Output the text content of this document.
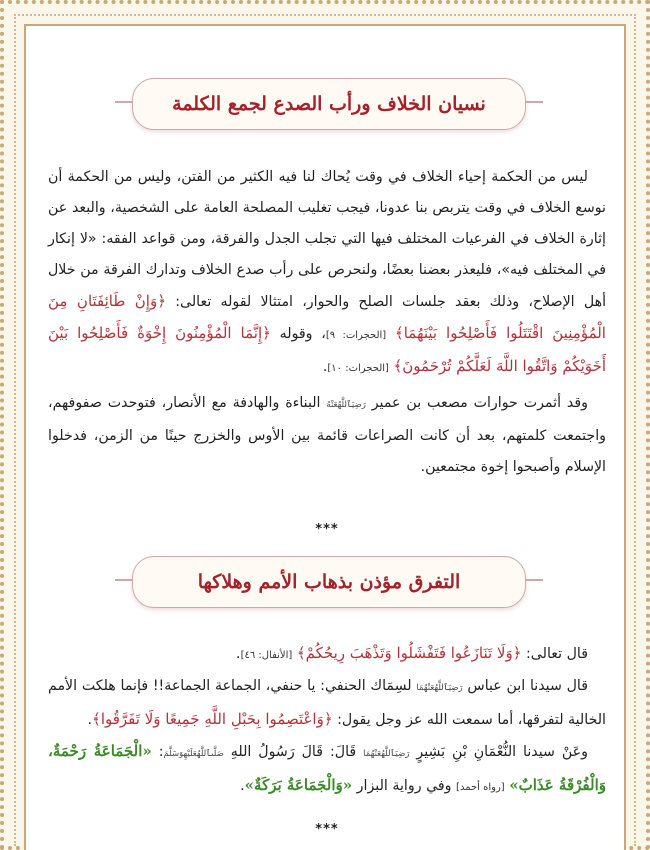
نسيان الخلاف ورأب الصدع لجمع الكلمة

ليس من الحكمة إحياء الخلاف في وقت يُحاك لنا فيه الكثير من الفتن، وليس من الحكمة أن نوسع الخلاف في وقت يتربص بنا عدونا، فيجب تغليب المصلحة العامة على الشخصية، والبعد عن إثارة الخلاف في الفرعيات المختلف فيها التي تجلب الجدل والفرقة، ومن قواعد الفقه: «لا إنكار في المختلف فيه»، فليعذر بعضنا بعضًا، ولنحرص على رأب صدع الخلاف وتدارك الفرقة من خلال أهل الإصلاح، وذلك بعقد جلسات الصلح والحوار، امتثالا لقوله تعالى: ﴿وَإِنْ طَائِفَتَانِ مِنَ الْمُؤْمِنِينَ اقْتَتَلُوا فَأَصْلِحُوا بَيْنَهُمَا﴾ [الحجرات: ٩]، وقوله ﴿إِنَّمَا الْمُؤْمِنُونَ إِخْوَةٌ فَأَصْلِحُوا بَيْنَ أَخَوَيْكُمْ وَاتَّقُوا اللَّهَ لَعَلَّكُمْ تُرْحَمُونَ﴾ [الحجرات: ١٠].

وقد أثمرت حوارات مصعب بن عمير رَضِيَٱللَّهُعَنْهُ البناءة والهادفة مع الأنصار، فتوحدت صفوفهم، واجتمعت كلمتهم، بعد أن كانت الصراعات قائمة بين الأوس والخزرج حينًا من الزمن، فدخلوا الإسلام وأصبحوا إخوة مجتمعين.

***
التفرق مؤذن بذهاب الأمم وهلاكها

قال تعالى: ﴿وَلَا تَنَازَعُوا فَتَفْشَلُوا وَتَذْهَبَ رِيحُكُمْ﴾ [الأنفال: ٤٦].

قال سيدنا ابن عباس رَضِيَٱللَّهُعَنْهُمَا لسِمَاك الحنفي: يا حنفي، الجماعة الجماعة!! فإنما هلكت الأمم الخالية لتفرقها، أما سمعت الله عز وجل يقول: ﴿وَاعْتَصِمُوا بِحَبْلِ اللَّهِ جَمِيعًا وَلَا تَفَرَّقُوا﴾.

وعَنْ سيدنا النُّعْمَانِ بْنِ بَشِيرٍ رَضِيَٱللَّهُعَنْهُمَا قَالَ: قَالَ رَسُولُ اللهِ صَلَّىٱللَّهُعَلَيْهِوَسَلَّمَ: «الْجَمَاعَةُ رَحْمَةٌ، وَالْفُرْقَةُ عَذَابٌ» [رواه أحمد] وفي رواية البزار «وَالْجَمَاعَةُ بَرَكَةٌ».

***
